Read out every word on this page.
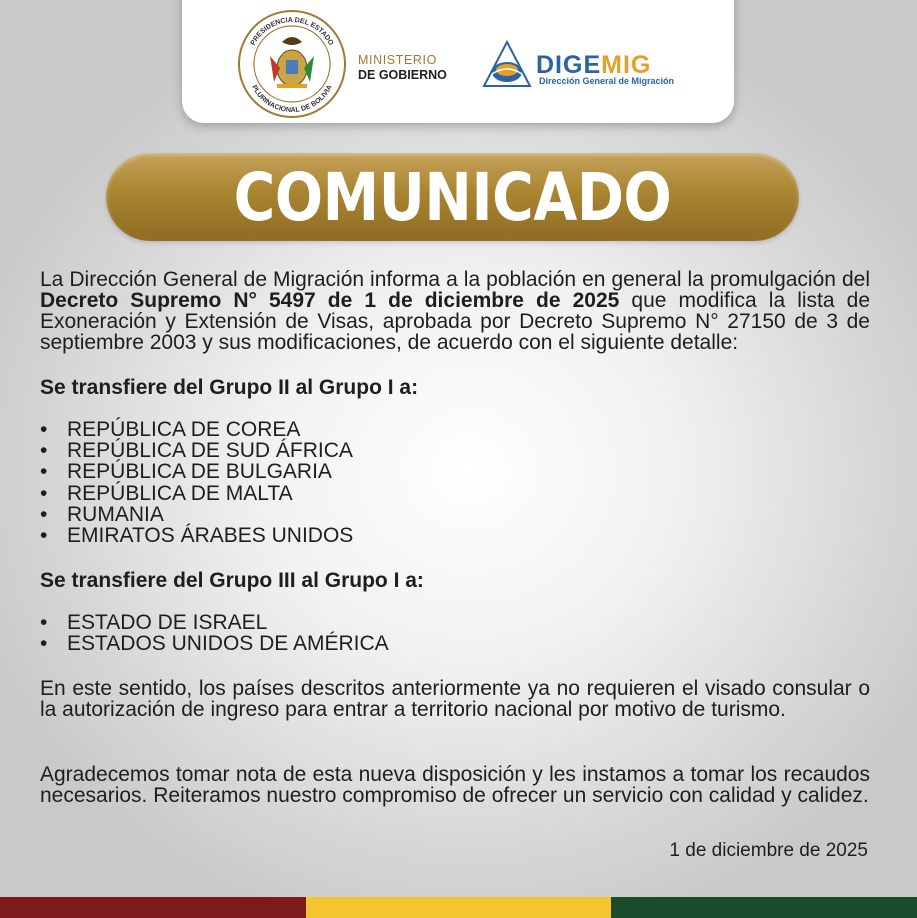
PRESIDENCIA DEL ESTADO
PLURINACIONAL DE BOLIVIA
MINISTERIO
DE GOBIERNO	DIGEMIG
Dirección General de Migración
COMUNICADO
La Dirección General de Migración informa a la población en general la promulgación del Decreto Supremo N° 5497 de 1 de diciembre de 2025 que modifica la lista de Exoneración y Extensión de Visas, aprobada por Decreto Supremo N° 27150 de 3 de septiembre 2003 y sus modificaciones, de acuerdo con el siguiente detalle:
Se transfiere del Grupo II al Grupo I a:
• REPÚBLICA DE COREA
• REPÚBLICA DE SUD ÁFRICA
• REPÚBLICA DE BULGARIA
• REPÚBLICA DE MALTA
• RUMANIA
• EMIRATOS ÁRABES UNIDOS
Se transfiere del Grupo III al Grupo I a:
• ESTADO DE ISRAEL
• ESTADOS UNIDOS DE AMÉRICA
En este sentido, los países descritos anteriormente ya no requieren el visado consular o la autorización de ingreso para entrar a territorio nacional por motivo de turismo.
Agradecemos tomar nota de esta nueva disposición y les instamos a tomar los recaudos necesarios. Reiteramos nuestro compromiso de ofrecer un servicio con calidad y calidez.
1 de diciembre de 2025
